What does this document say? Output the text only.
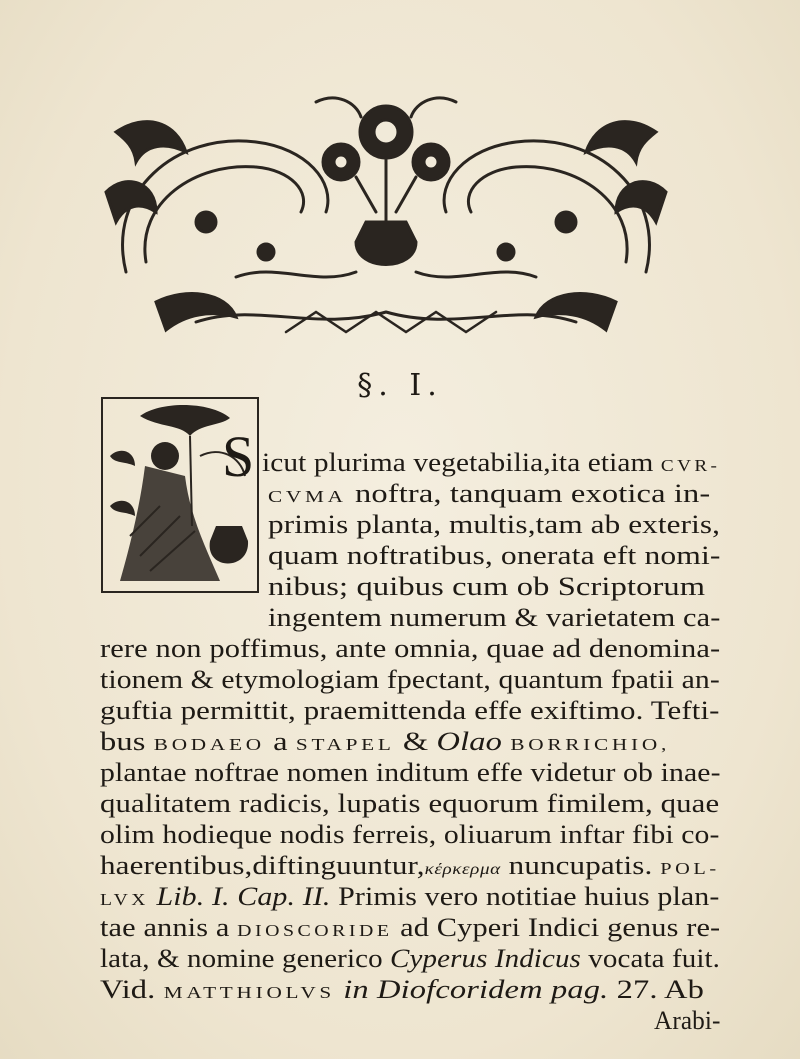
§. I.
S icut plurima vegetabilia,ita etiam CVR-
CVMA noftra, tanquam exotica in-
primis planta, multis,tam ab exteris,
quam noftratibus, onerata eft nomi-
nibus; quibus cum ob Scriptorum
ingentem numerum & varietatem ca-
rere non poffimus, ante omnia, quae ad denomina-
tionem & etymologiam fpectant, quantum fpatii an-
guftia permittit, praemittenda effe exiftimo. Tefti-
bus BODAEO a STAPEL & Olao BORRICHIO,
plantae noftrae nomen inditum effe videtur ob inae-
qualitatem radicis, lupatis equorum fimilem, quae
olim hodieque nodis ferreis, oliuarum inftar fibi co-
haerentibus,diftinguuntur,κέρκερμα nuncupatis. POL-
LVX Lib. I. Cap. II. Primis vero notitiae huius plan-
tae annis a DIOSCORIDE ad Cyperi Indici genus re-
lata, & nomine generico Cyperus Indicus vocata fuit.
Vid. MATTHIOLVS in Diofcoridem pag. 27. Ab
Arabi-
